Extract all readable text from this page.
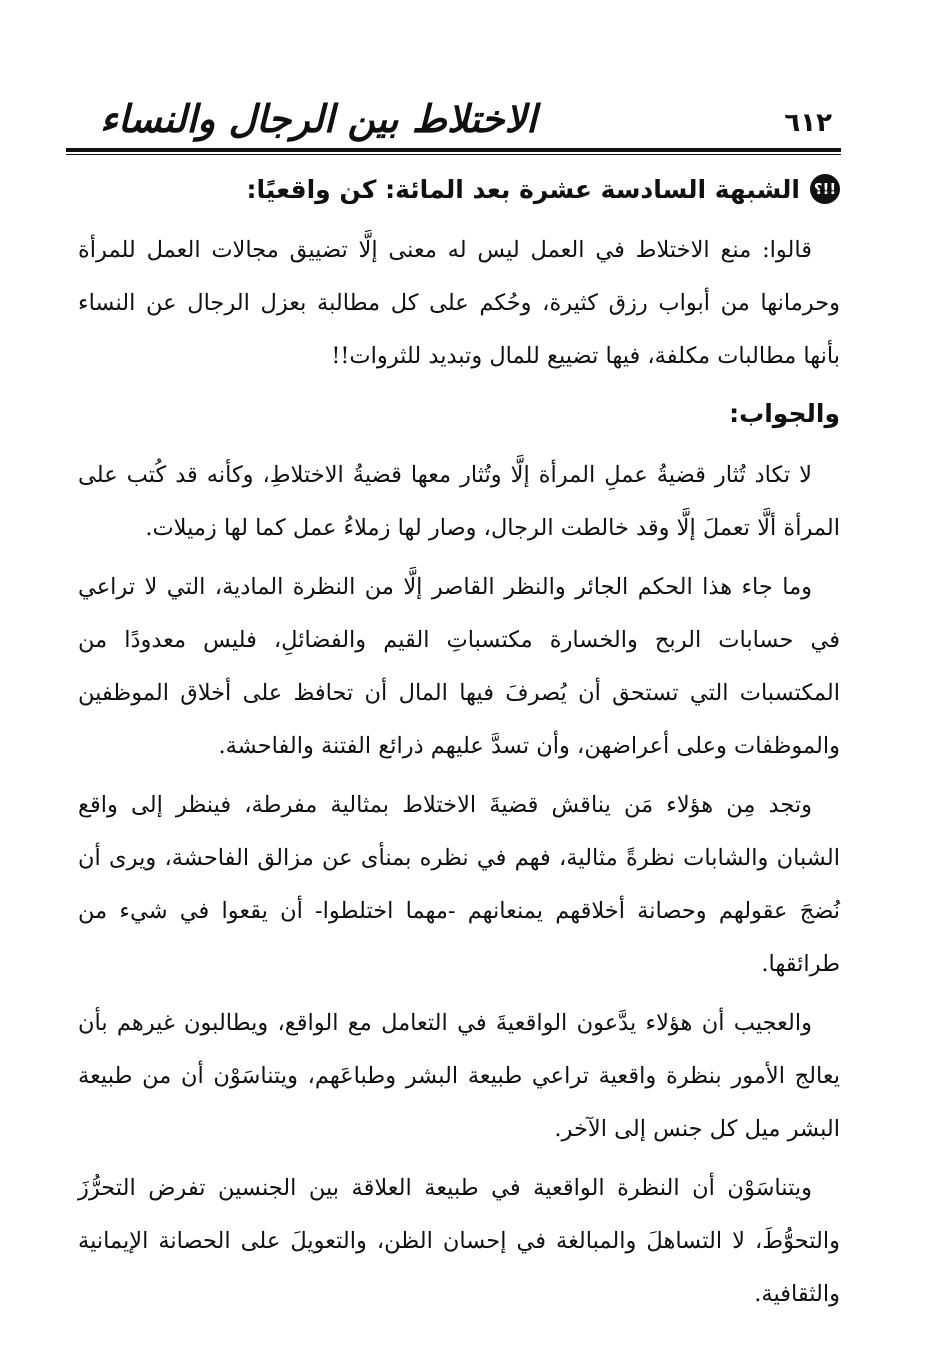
الاختلاط بين الرجال والنساء	٦١٢
!!؟
الشبهة السادسة عشرة بعد المائة: كن واقعيًا:

قالوا: منع الاختلاط في العمل ليس له معنى إلَّا تضييق مجالات العمل للمرأة وحرمانها من أبواب رزق كثيرة، وحُكم على كل مطالبة بعزل الرجال عن النساء بأنها مطالبات مكلفة، فيها تضييع للمال وتبديد للثروات!!

والجواب:

لا تكاد تُثار قضيةُ عملِ المرأة إلَّا وتُثار معها قضيةُ الاختلاطِ، وكأنه قد كُتب على المرأة ألَّا تعملَ إلَّا وقد خالطت الرجال، وصار لها زملاءُ عمل كما لها زميلات.

وما جاء هذا الحكم الجائر والنظر القاصر إلَّا من النظرة المادية، التي لا تراعي في حسابات الربح والخسارة مكتسباتِ القيم والفضائلِ، فليس معدودًا من المكتسبات التي تستحق أن يُصرفَ فيها المال أن تحافظ على أخلاق الموظفين والموظفات وعلى أعراضهن، وأن تسدَّ عليهم ذرائع الفتنة والفاحشة.

وتجد مِن هؤلاء مَن يناقش قضيةَ الاختلاط بمثالية مفرطة، فينظر إلى واقع الشبان والشابات نظرةً مثالية، فهم في نظره بمنأى عن مزالق الفاحشة، ويرى أن نُضجَ عقولهم وحصانة أخلاقهم يمنعانهم -مهما اختلطوا- أن يقعوا في شيء من طرائقها.

والعجيب أن هؤلاء يدَّعون الواقعيةَ في التعامل مع الواقع، ويطالبون غيرهم بأن يعالج الأمور بنظرة واقعية تراعي طبيعة البشر وطباعَهم، ويتناسَوْن أن من طبيعة البشر ميل كل جنس إلى الآخر.

ويتناسَوْن أن النظرة الواقعية في طبيعة العلاقة بين الجنسين تفرض التحرُّزَ والتحوُّطَ، لا التساهلَ والمبالغة في إحسان الظن، والتعويلَ على الحصانة الإيمانية والثقافية.
